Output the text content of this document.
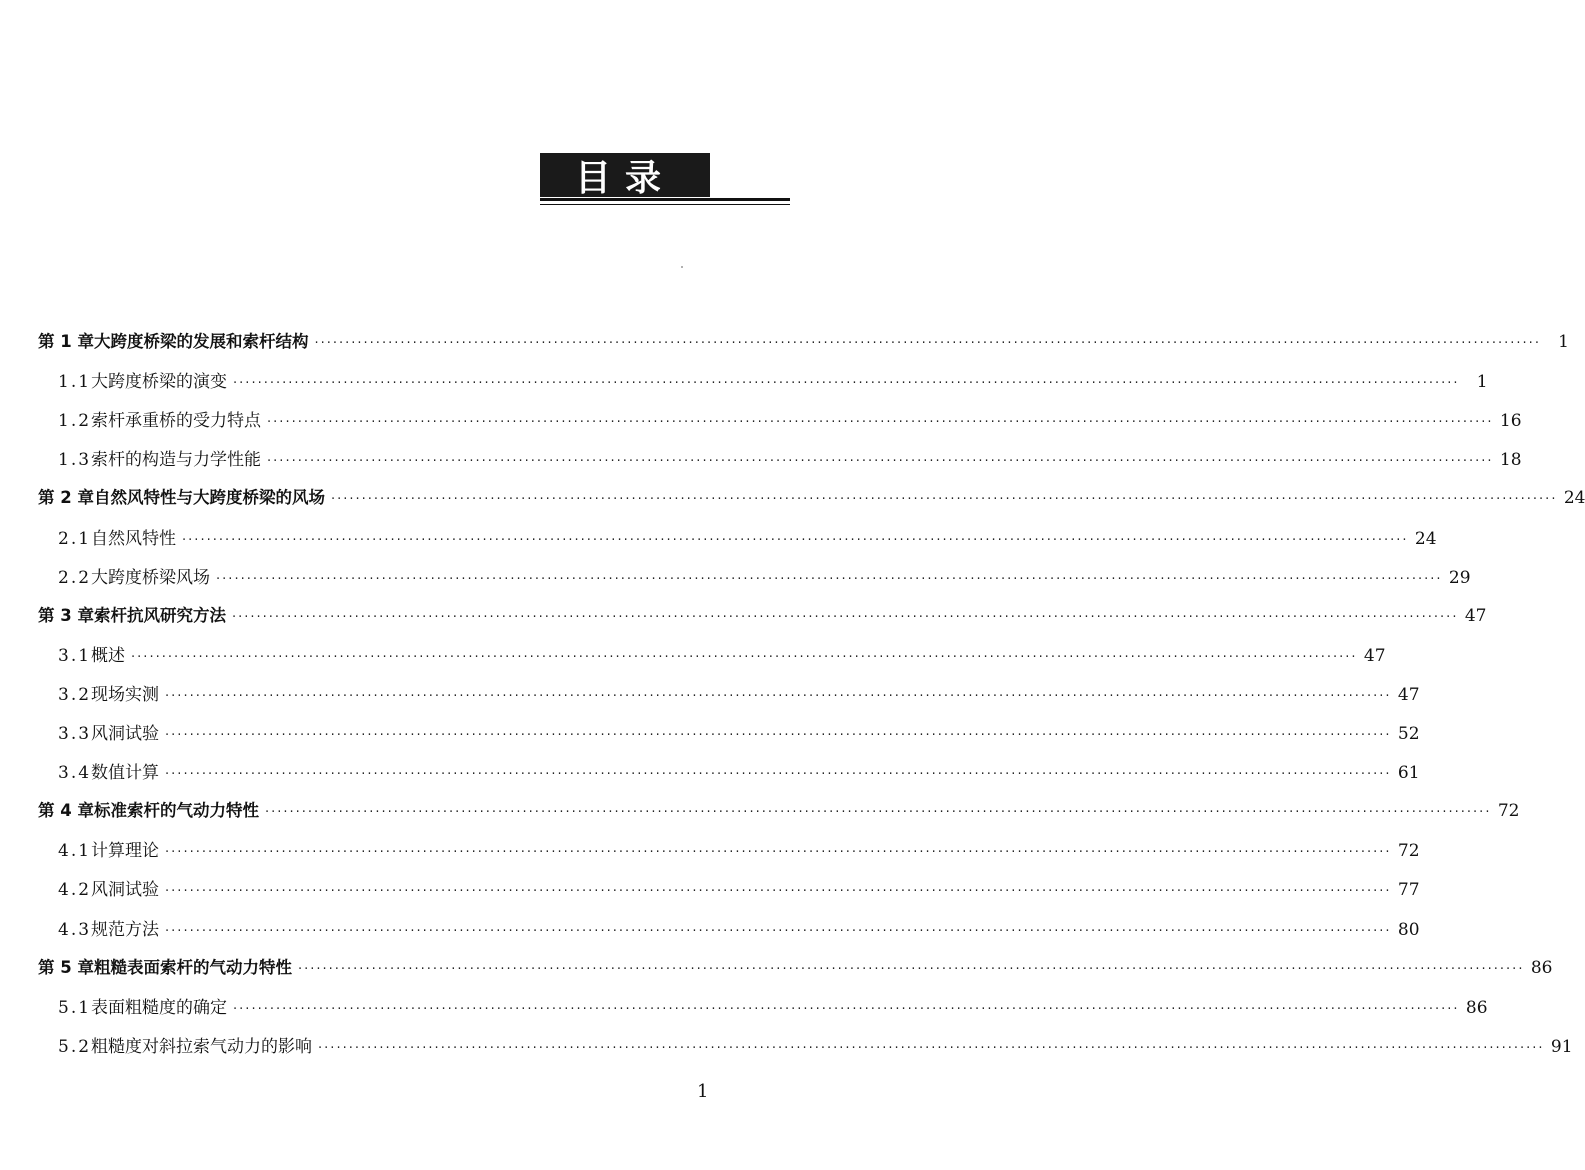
目录
第 1 章 大跨度桥梁的发展和索杆结构 ········································································································································································································	1
1.1 大跨度桥梁的演变 ········································································································································································································	1
1.2 索杆承重桥的受力特点 ········································································································································································································ 16
1.3 索杆的构造与力学性能 ········································································································································································································ 18
第 2 章 自然风特性与大跨度桥梁的风场 ········································································································································································································ 24
2.1 自然风特性 ········································································································································································································ 24
2.2 大跨度桥梁风场 ········································································································································································································ 29
第 3 章 索杆抗风研究方法 ········································································································································································································ 47
3.1 概述 ········································································································································································································ 47
3.2 现场实测 ········································································································································································································ 47
3.3 风洞试验 ········································································································································································································ 52
3.4 数值计算 ········································································································································································································ 61
第 4 章 标准索杆的气动力特性 ········································································································································································································ 72
4.1 计算理论 ········································································································································································································ 72
4.2 风洞试验 ········································································································································································································ 77
4.3 规范方法 ········································································································································································································ 80
第 5 章 粗糙表面索杆的气动力特性 ········································································································································································································ 86
5.1 表面粗糙度的确定 ········································································································································································································ 86
5.2 粗糙度对斜拉索气动力的影响 ········································································································································································································ 91
1
